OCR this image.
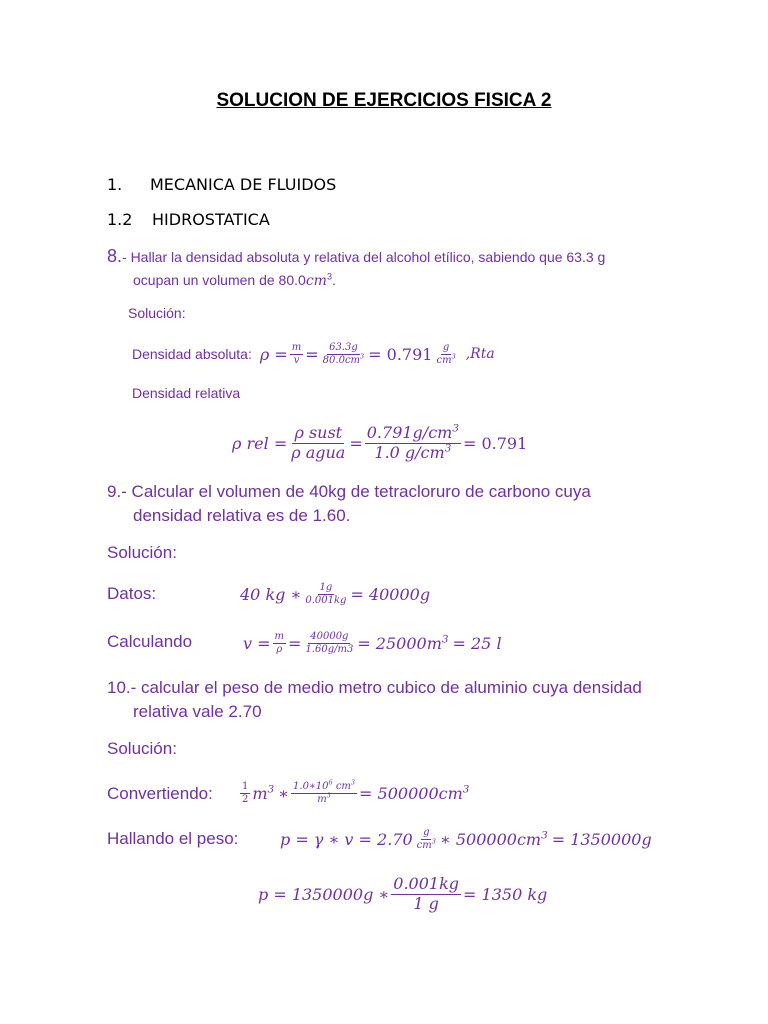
SOLUCION DE EJERCICIOS FISICA 2
1. MECANICA DE FLUIDOS
1.2 HIDROSTATICA
8.- Hallar la densidad absoluta y relativa del alcohol etílico, sabiendo que 63.3 g
ocupan un volumen de $80.0cm^3$.
Solución:
Densidad absoluta: $\rho = \frac{m}{v} = \frac{63.3g}{80.0cm^3} = 0.791 \frac{g}{cm^3} ,Rta$
Densidad relativa
ρ rel = $\frac{\text{ρ sust}}{\text{ρ agua}} = \frac{0.791g/cm^3}{1.0 g/cm^3} = 0.791$
9.- Calcular el volumen de 40kg de tetracloruro de carbono cuya
densidad relativa es de 1.60.
Solución:
Datos:	40 kg ∗ $\frac{1g}{0.001kg} = 40000g$
Calculando	$v = \frac{m}{\rho} = \frac{40000g}{1.60g/m3} = 25000m^3 = 25$ l
10.- calcular el peso de medio metro cubico de aluminio cuya densidad
relativa vale 2.70
Solución:
Convertiendo:	$\frac{1}{2} m^3$ ∗ $\frac{1.0∗10^6 cm^3}{m^3} = 500000cm^3$
Hallando el peso:	p = γ ∗ $v = 2.70 \frac{g}{cm^3}$ ∗ $500000cm^3 = 1350000g$
p = 1350000g ∗ $\frac{0.001kg}{1 g} = 1350$ kg
